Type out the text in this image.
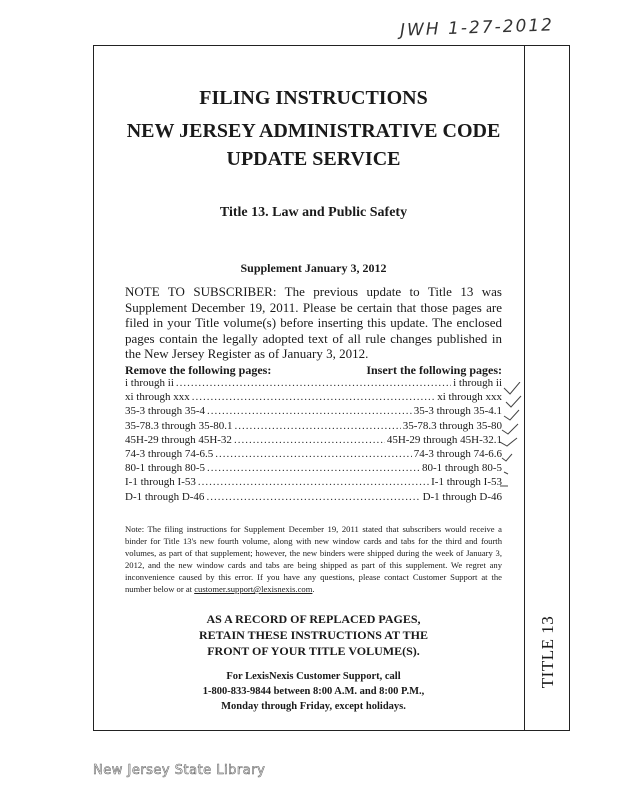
JWH 1-27-2012
TITLE 13
FILING INSTRUCTIONS
NEW JERSEY ADMINISTRATIVE CODE
UPDATE SERVICE
Title 13. Law and Public Safety
Supplement January 3, 2012
NOTE TO SUBSCRIBER: The previous update to Title 13 was Supplement December 19, 2011. Please be certain that those pages are filed in your Title volume(s) before inserting this update. The enclosed pages contain the legally adopted text of all rule changes published in the New Jersey Register as of January 3, 2012.
Remove the following pages:	Insert the following pages:
i through ii .....	i through ii
xi through xxx .....	xi through xxx
35-3 through 35-4 .....	35-3 through 35-4.1
35-78.3 through 35-80.1 .....	35-78.3 through 35-80
45H-29 through 45H-32 .....	45H-29 through 45H-32.1
74-3 through 74-6.5 .....	74-3 through 74-6.6
80-1 through 80-5 .....	80-1 through 80-5
I-1 through I-53 .....	I-1 through I-53
D-1 through D-46 .....	D-1 through D-46
Note: The filing instructions for Supplement December 19, 2011 stated that subscribers would receive a binder for Title 13's new fourth volume, along with new window cards and tabs for the third and fourth volumes, as part of that supplement; however, the new binders were shipped during the week of January 3, 2012, and the new window cards and tabs are being shipped as part of this supplement. We regret any inconvenience caused by this error. If you have any questions, please contact Customer Support at the number below or at customer.support@lexisnexis.com.
AS A RECORD OF REPLACED PAGES,
RETAIN THESE INSTRUCTIONS AT THE
FRONT OF YOUR TITLE VOLUME(S).
For LexisNexis Customer Support, call
1-800-833-9844 between 8:00 A.M. and 8:00 P.M.,
Monday through Friday, except holidays.
New Jersey State Library
